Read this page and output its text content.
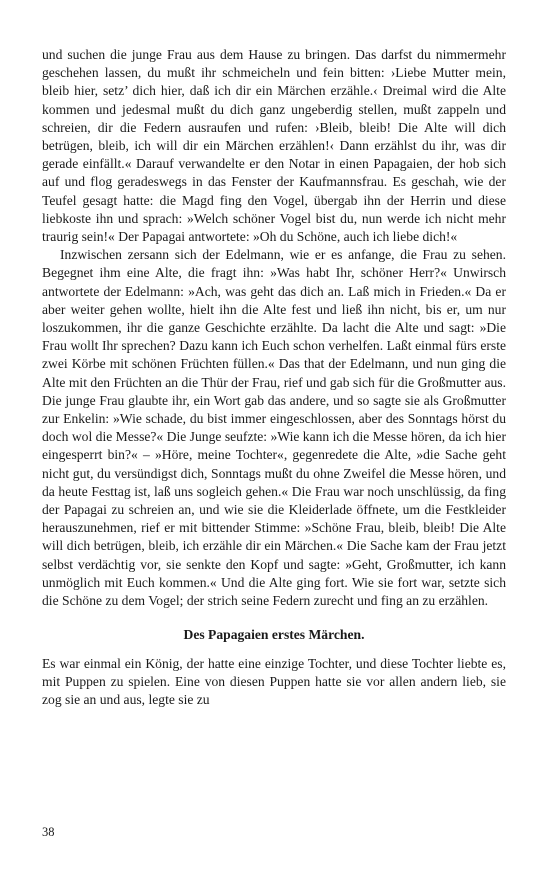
und suchen die junge Frau aus dem Hause zu bringen. Das darfst du nimmermehr geschehen lassen, du mußt ihr schmeicheln und fein bitten: ›Liebe Mutter mein, bleib hier, setz’ dich hier, daß ich dir ein Märchen erzähle.‹ Dreimal wird die Alte kommen und jedesmal mußt du dich ganz ungeberdig stellen, mußt zappeln und schreien, dir die Federn ausraufen und rufen: ›Bleib, bleib! Die Alte will dich betrügen, bleib, ich will dir ein Märchen erzählen!‹ Dann erzählst du ihr, was dir gerade einfällt.« Darauf verwandelte er den Notar in einen Papagaien, der hob sich auf und flog geradeswegs in das Fenster der Kaufmannsfrau. Es geschah, wie der Teufel gesagt hatte: die Magd fing den Vogel, übergab ihn der Herrin und diese liebkoste ihn und sprach: »Welch schöner Vogel bist du, nun werde ich nicht mehr traurig sein!« Der Papagai antwortete: »Oh du Schöne, auch ich liebe dich!«

Inzwischen zersann sich der Edelmann, wie er es anfange, die Frau zu sehen. Begegnet ihm eine Alte, die fragt ihn: »Was habt Ihr, schöner Herr?« Unwirsch antwortete der Edelmann: »Ach, was geht das dich an. Laß mich in Frieden.« Da er aber weiter gehen wollte, hielt ihn die Alte fest und ließ ihn nicht, bis er, um nur loszukommen, ihr die ganze Geschichte erzählte. Da lacht die Alte und sagt: »Die Frau wollt Ihr sprechen? Dazu kann ich Euch schon verhelfen. Laßt einmal fürs erste zwei Körbe mit schönen Früchten füllen.« Das that der Edelmann, und nun ging die Alte mit den Früchten an die Thür der Frau, rief und gab sich für die Großmutter aus. Die junge Frau glaubte ihr, ein Wort gab das andere, und so sagte sie als Großmutter zur Enkelin: »Wie schade, du bist immer eingeschlossen, aber des Sonntags hörst du doch wol die Messe?« Die Junge seufzte: »Wie kann ich die Messe hören, da ich hier eingesperrt bin?« – »Höre, meine Tochter«, gegenredete die Alte, »die Sache geht nicht gut, du versündigst dich, Sonntags mußt du ohne Zweifel die Messe hören, und da heute Festtag ist, laß uns sogleich gehen.« Die Frau war noch unschlüssig, da fing der Papagai zu schreien an, und wie sie die Kleiderlade öffnete, um die Festkleider herauszunehmen, rief er mit bittender Stimme: »Schöne Frau, bleib, bleib! Die Alte will dich betrügen, bleib, ich erzähle dir ein Märchen.« Die Sache kam der Frau jetzt selbst verdächtig vor, sie senkte den Kopf und sagte: »Geht, Großmutter, ich kann unmöglich mit Euch kommen.« Und die Alte ging fort. Wie sie fort war, setzte sich die Schöne zu dem Vogel; der strich seine Federn zurecht und fing an zu erzählen.

Des Papagaien erstes Märchen.

Es war einmal ein König, der hatte eine einzige Tochter, und diese Tochter liebte es, mit Puppen zu spielen. Eine von diesen Puppen hatte sie vor allen andern lieb, sie zog sie an und aus, legte sie zu

38
